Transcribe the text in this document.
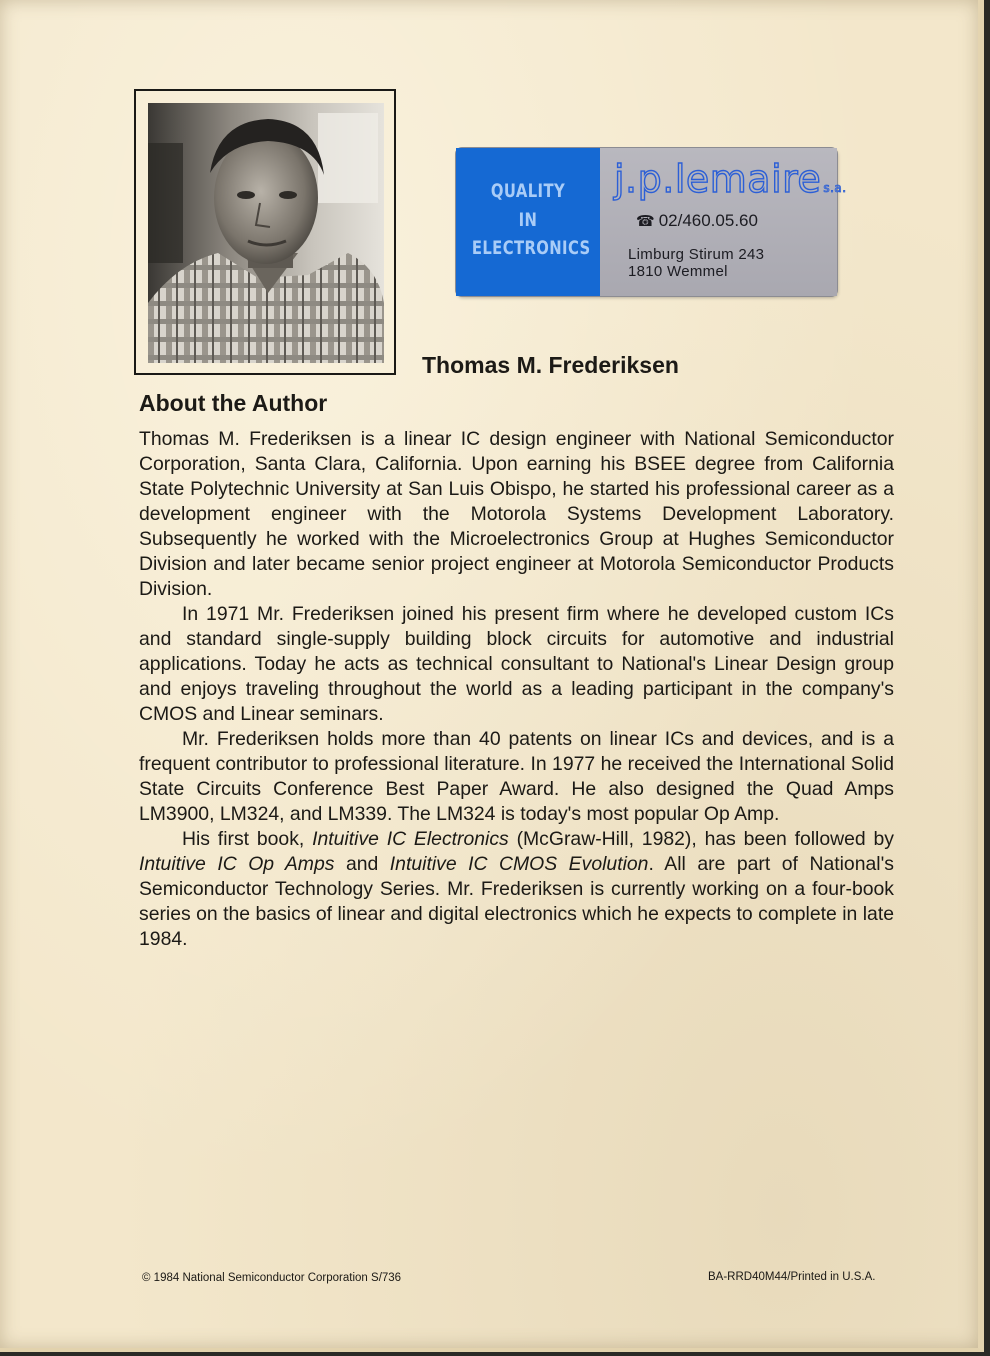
QUALITY
IN
ELECTRONICS
j.p.lemaire s.a.
☎ 02/460.05.60
Limburg Stirum 243
1810 Wemmel
Thomas M. Frederiksen
About the Author

Thomas M. Frederiksen is a linear IC design engineer with National Semiconductor Corporation, Santa Clara, California. Upon earning his BSEE degree from California State Polytechnic University at San Luis Obispo, he started his professional career as a development engineer with the Motorola Systems Development Laboratory. Subsequently he worked with the Microelectronics Group at Hughes Semiconductor Division and later became senior project engineer at Motorola Semiconductor Products Division.

In 1971 Mr. Frederiksen joined his present firm where he developed custom ICs and standard single-supply building block circuits for automotive and industrial applications. Today he acts as technical consultant to National's Linear Design group and enjoys traveling throughout the world as a leading participant in the company's CMOS and Linear seminars.

Mr. Frederiksen holds more than 40 patents on linear ICs and devices, and is a frequent contributor to professional literature. In 1977 he received the International Solid State Circuits Conference Best Paper Award. He also designed the Quad Amps LM3900, LM324, and LM339. The LM324 is today's most popular Op Amp.

His first book, Intuitive IC Electronics (McGraw-Hill, 1982), has been followed by Intuitive IC Op Amps and Intuitive IC CMOS Evolution. All are part of National's Semiconductor Technology Series. Mr. Frederiksen is currently working on a four-book series on the basics of linear and digital electronics which he expects to complete in late 1984.

© 1984 National Semiconductor Corporation S/736	BA-RRD40M44/Printed in U.S.A.
